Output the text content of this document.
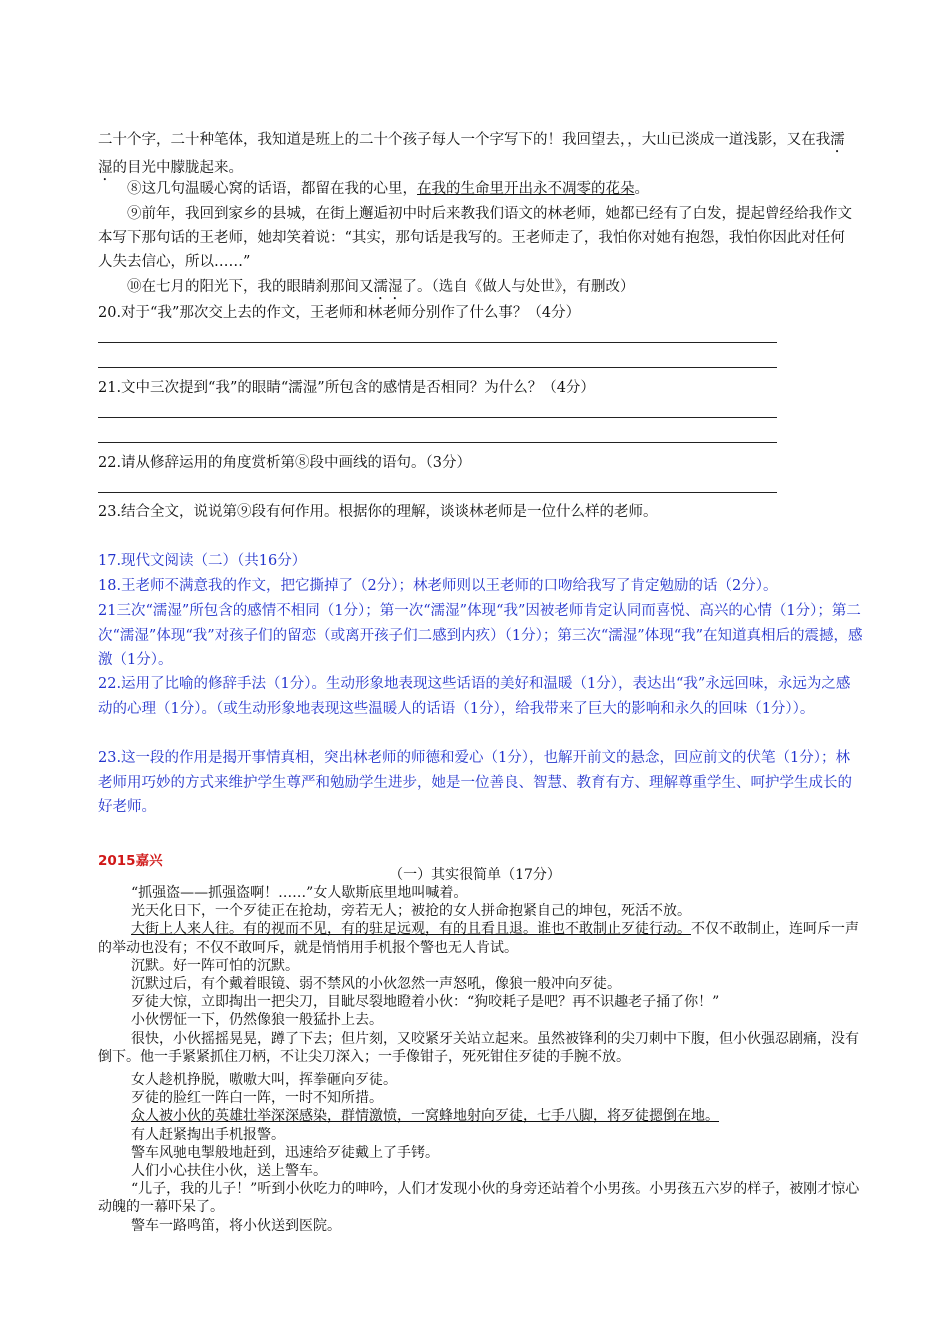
二十个字，二十种笔体，我知道是班上的二十个孩子每人一个字写下的！我回望去，，大山已淡成一道浅影，又在我濡湿的目光中朦胧起来。

⑧这几句温暖心窝的话语，都留在我的心里，在我的生命里开出永不凋零的花朵。

⑨前年，我回到家乡的县城，在街上邂逅初中时后来教我们语文的林老师，她都已经有了白发，提起曾经给我作文本写下那句话的王老师，她却笑着说：“其实，那句话是我写的。王老师走了，我怕你对她有抱怨，我怕你因此对任何人失去信心，所以……”

⑩在七月的阳光下，我的眼睛刹那间又濡湿了。（选自《做人与处世》，有删改）

20.对于“我”那次交上去的作文，王老师和林老师分别作了什么事？（4分）

21.文中三次提到“我”的眼睛“濡湿”所包含的感情是否相同？为什么？（4分）

22.请从修辞运用的角度赏析第⑧段中画线的语句。（3分）

23.结合全文，说说第⑨段有何作用。根据你的理解，谈谈林老师是一位什么样的老师。

17.现代文阅读（二）（共16分）

18.王老师不满意我的作文，把它撕掉了（2分）；林老师则以王老师的口吻给我写了肯定勉励的话（2分）。

21三次“濡湿”所包含的感情不相同（1分）；第一次“濡湿”体现“我”因被老师肯定认同而喜悦、高兴的心情（1分）；第二次“濡湿”体现“我”对孩子们的留恋（或离开孩子们二感到内疚）（1分）；第三次“濡湿”体现“我”在知道真相后的震撼，感激（1分）。

22.运用了比喻的修辞手法（1分）。生动形象地表现这些话语的美好和温暖（1分），表达出“我”永远回味，永远为之感动的心理（1分）。（或生动形象地表现这些温暖人的话语（1分），给我带来了巨大的影响和永久的回味（1分））。

23.这一段的作用是揭开事情真相，突出林老师的师德和爱心（1分），也解开前文的悬念，回应前文的伏笔（1分）；林老师用巧妙的方式来维护学生尊严和勉励学生进步，她是一位善良、智慧、教育有方、理解尊重学生、呵护学生成长的好老师。

2015嘉兴
（一）其实很简单（17分）

“抓强盗——抓强盗啊！……”女人歇斯底里地叫喊着。

光天化日下，一个歹徒正在抢劫，旁若无人；被抢的女人拼命抱紧自己的坤包，死活不放。

大街上人来人往。有的视而不见，有的驻足远观，有的且看且退。谁也不敢制止歹徒行动。不仅不敢制止，连呵斥一声的举动也没有；不仅不敢呵斥，就是悄悄用手机报个警也无人肯试。

沉默。好一阵可怕的沉默。

沉默过后，有个戴着眼镜、弱不禁风的小伙忽然一声怒吼，像狼一般冲向歹徒。

歹徒大惊，立即掏出一把尖刀，目眦尽裂地瞪着小伙：“狗咬耗子是吧？再不识趣老子捅了你！”

小伙愣怔一下，仍然像狼一般猛扑上去。

很快，小伙摇摇晃晃，蹲了下去；但片刻，又咬紧牙关站立起来。虽然被锋利的尖刀刺中下腹，但小伙强忍剧痛，没有倒下。他一手紧紧抓住刀柄，不让尖刀深入；一手像钳子，死死钳住歹徒的手腕不放。

女人趁机挣脱，嗷嗷大叫，挥拳砸向歹徒。

歹徒的脸红一阵白一阵，一时不知所措。

众人被小伙的英雄壮举深深感染，群情激愤，一窝蜂地射向歹徒，七手八脚，将歹徒摁倒在地。

有人赶紧掏出手机报警。

警车风驰电掣般地赶到，迅速给歹徒戴上了手铐。

人们小心扶住小伙，送上警车。

“儿子，我的儿子！”听到小伙吃力的呻吟，人们才发现小伙的身旁还站着个小男孩。小男孩五六岁的样子，被刚才惊心动魄的一幕吓呆了。

警车一路鸣笛，将小伙送到医院。
